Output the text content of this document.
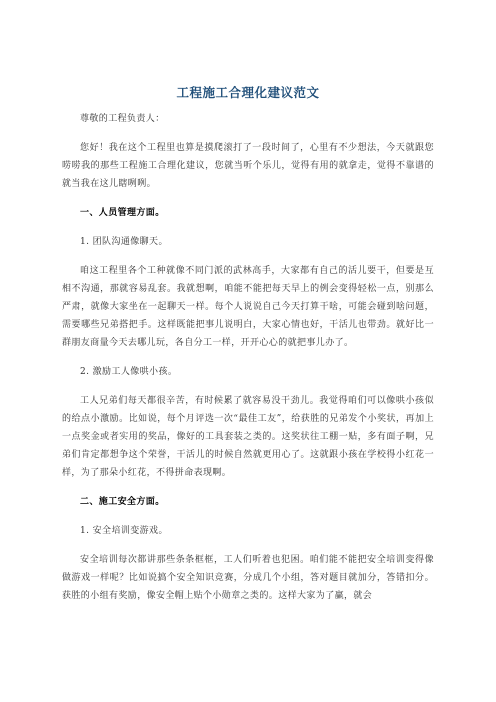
工程施工合理化建议范文

尊敬的工程负责人：

您好！我在这个工程里也算是摸爬滚打了一段时间了，心里有不少想法，今天就跟您唠唠我的那些工程施工合理化建议，您就当听个乐儿，觉得有用的就拿走，觉得不靠谱的就当我在这儿瞎咧咧。

一、人员管理方面。

1. 团队沟通像聊天。

咱这工程里各个工种就像不同门派的武林高手，大家都有自己的活儿要干，但要是互相不沟通，那就容易乱套。我就想啊，咱能不能把每天早上的例会变得轻松一点，别那么严肃，就像大家坐在一起聊天一样。每个人说说自己今天打算干啥，可能会碰到啥问题，需要哪些兄弟搭把手。这样既能把事儿说明白，大家心情也好，干活儿也带劲。就好比一群朋友商量今天去哪儿玩，各自分工一样，开开心心的就把事儿办了。

2. 激励工人像哄小孩。

工人兄弟们每天都很辛苦，有时候累了就容易没干劲儿。我觉得咱们可以像哄小孩似的给点小激励。比如说，每个月评选一次“最佳工友”，给获胜的兄弟发个小奖状，再加上一点奖金或者实用的奖品，像好的工具套装之类的。这奖状往工棚一贴，多有面子啊，兄弟们肯定都想争这个荣誉，干活儿的时候自然就更用心了。这就跟小孩在学校得小红花一样，为了那朵小红花，不得拼命表现啊。

二、施工安全方面。

1. 安全培训变游戏。

安全培训每次都讲那些条条框框，工人们听着也犯困。咱们能不能把安全培训变得像做游戏一样呢？比如说搞个安全知识竞赛，分成几个小组，答对题目就加分，答错扣分。获胜的小组有奖励，像安全帽上贴个小勋章之类的。这样大家为了赢，就会
